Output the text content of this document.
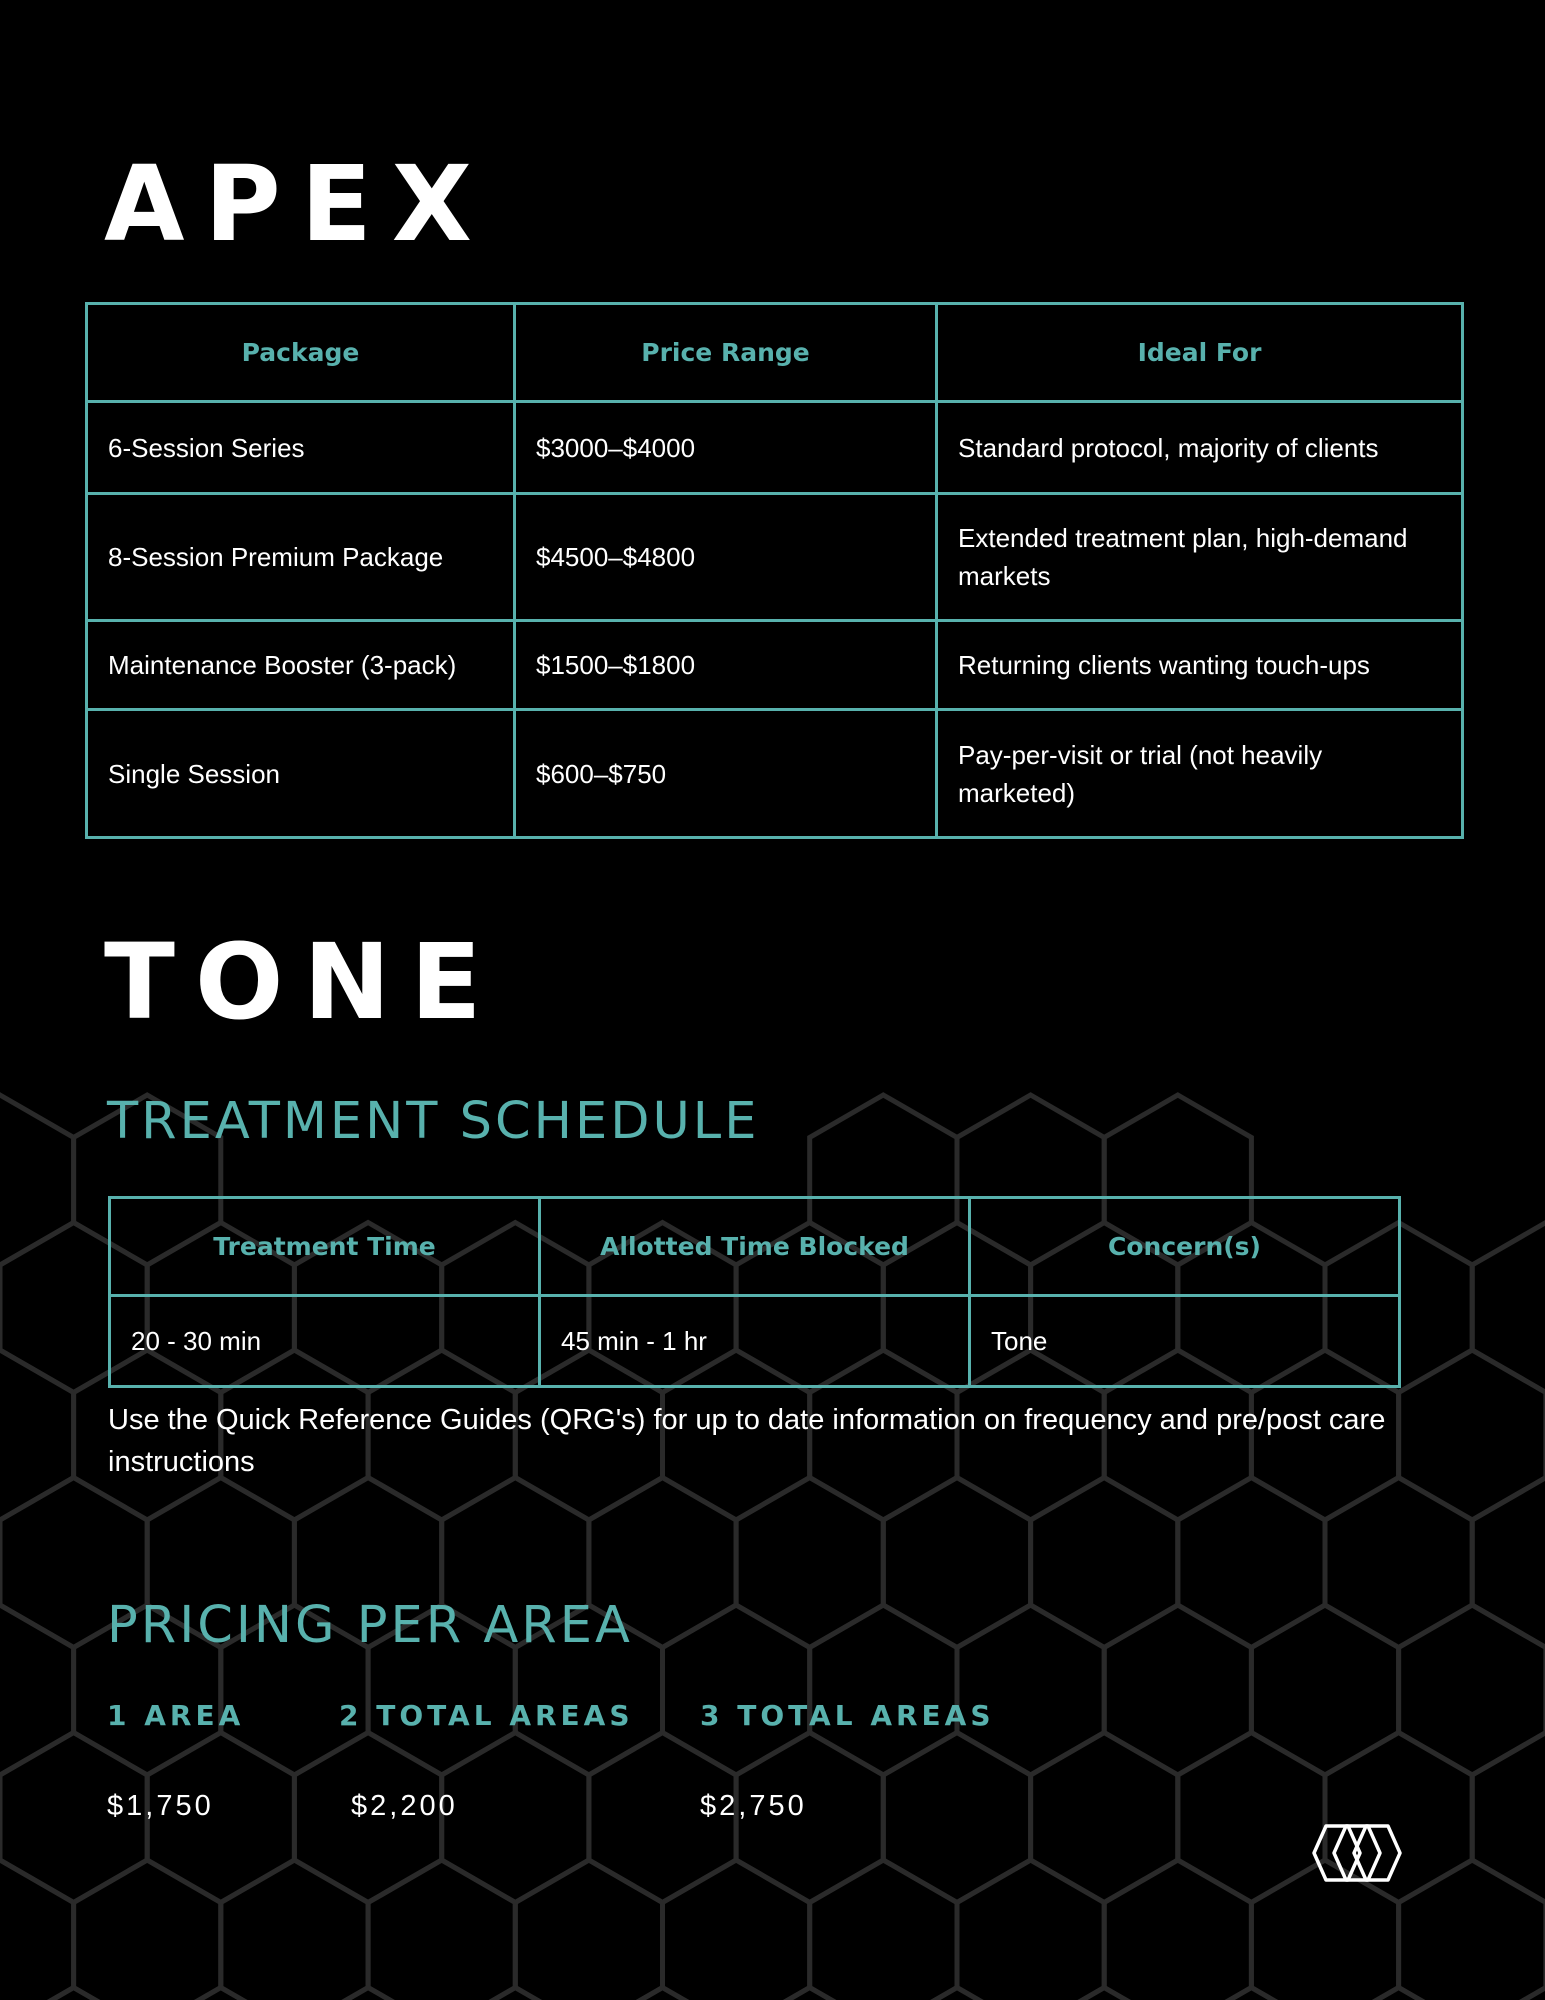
APEX
Package	Price Range	Ideal For
6-Session Series	$3000–$4000	Standard protocol, majority of clients
8-Session Premium Package	$4500–$4800	Extended treatment plan, high-demand markets
Maintenance Booster (3-pack)	$1500–$1800	Returning clients wanting touch-ups
Single Session	$600–$750	Pay-per-visit or trial (not heavily marketed)
TONE
TREATMENT SCHEDULE
Treatment Time	Allotted Time Blocked	Concern(s)
20 - 30 min	45 min - 1 hr	Tone

Use the Quick Reference Guides (QRG's) for up to date information on frequency and pre/post care instructions

PRICING PER AREA

1 AREA

$1,750

2 TOTAL AREAS

$2,200

3 TOTAL AREAS

$2,750
